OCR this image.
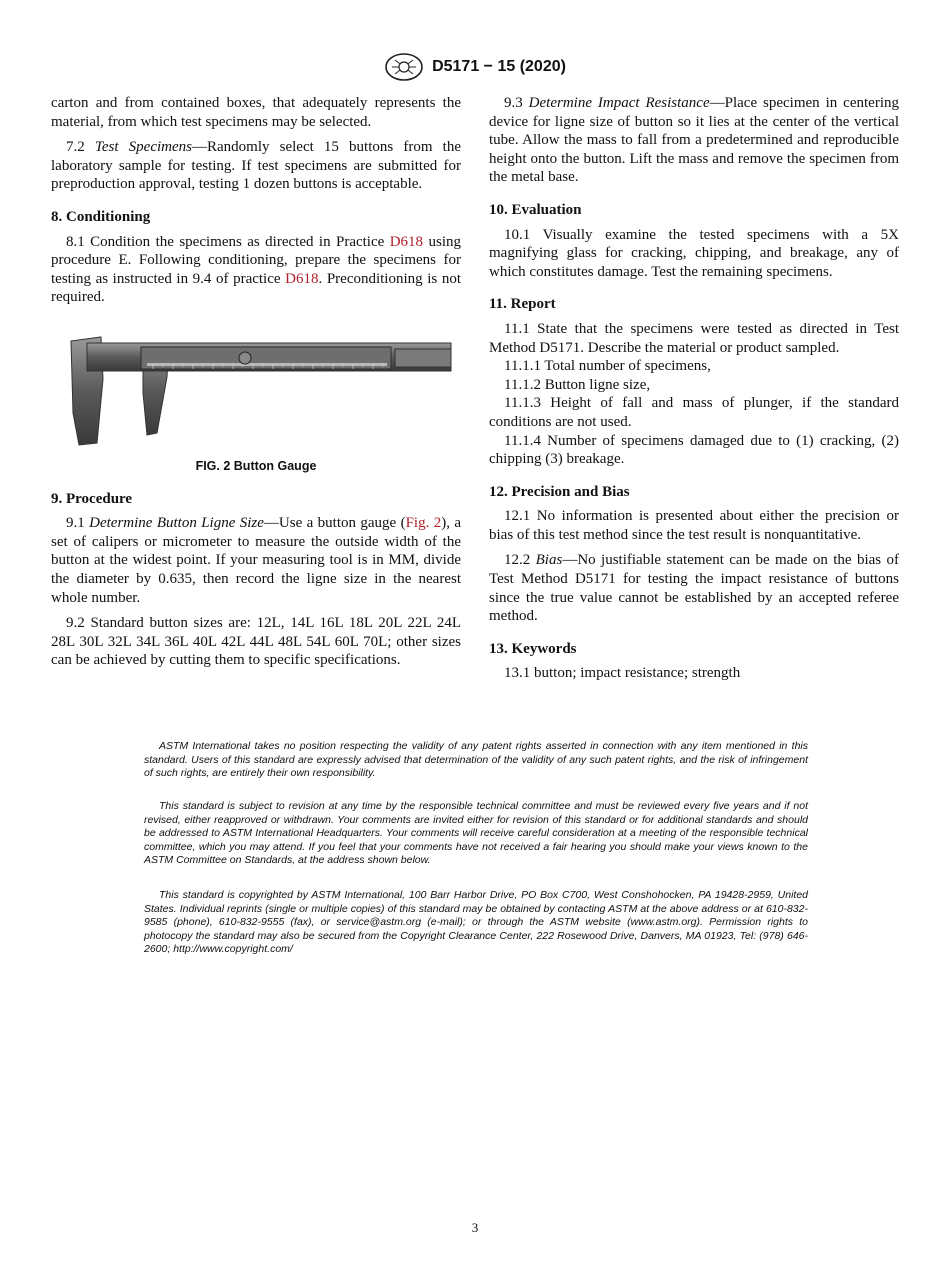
D5171 − 15 (2020)

carton and from contained boxes, that adequately represents the material, from which test specimens may be selected.

7.2 Test Specimens—Randomly select 15 buttons from the laboratory sample for testing. If test specimens are submitted for preproduction approval, testing 1 dozen buttons is acceptable.

8. Conditioning

8.1 Condition the specimens as directed in Practice D618 using procedure E. Following conditioning, prepare the specimens for testing as instructed in 9.4 of practice D618. Preconditioning is not required.

FIG. 2 Button Gauge

9. Procedure

9.1 Determine Button Ligne Size—Use a button gauge (Fig. 2), a set of calipers or micrometer to measure the outside width of the button at the widest point. If your measuring tool is in MM, divide the diameter by 0.635, then record the ligne size in the nearest whole number.

9.2 Standard button sizes are: 12L, 14L 16L 18L 20L 22L 24L 28L 30L 32L 34L 36L 40L 42L 44L 48L 54L 60L 70L; other sizes can be achieved by cutting them to specific specifications.

9.3 Determine Impact Resistance—Place specimen in centering device for ligne size of button so it lies at the center of the vertical tube. Allow the mass to fall from a predetermined and reproducible height onto the button. Lift the mass and remove the specimen from the metal base.

10. Evaluation

10.1 Visually examine the tested specimens with a 5X magnifying glass for cracking, chipping, and breakage, any of which constitutes damage. Test the remaining specimens.

11. Report

11.1 State that the specimens were tested as directed in Test Method D5171. Describe the material or product sampled.

11.1.1 Total number of specimens,

11.1.2 Button ligne size,

11.1.3 Height of fall and mass of plunger, if the standard conditions are not used.

11.1.4 Number of specimens damaged due to (1) cracking, (2) chipping (3) breakage.

12. Precision and Bias

12.1 No information is presented about either the precision or bias of this test method since the test result is nonquantitative.

12.2 Bias—No justifiable statement can be made on the bias of Test Method D5171 for testing the impact resistance of buttons since the true value cannot be established by an accepted referee method.

13. Keywords

13.1 button; impact resistance; strength

ASTM International takes no position respecting the validity of any patent rights asserted in connection with any item mentioned in this standard. Users of this standard are expressly advised that determination of the validity of any such patent rights, and the risk of infringement of such rights, are entirely their own responsibility.

This standard is subject to revision at any time by the responsible technical committee and must be reviewed every five years and if not revised, either reapproved or withdrawn. Your comments are invited either for revision of this standard or for additional standards and should be addressed to ASTM International Headquarters. Your comments will receive careful consideration at a meeting of the responsible technical committee, which you may attend. If you feel that your comments have not received a fair hearing you should make your views known to the ASTM Committee on Standards, at the address shown below.

This standard is copyrighted by ASTM International, 100 Barr Harbor Drive, PO Box C700, West Conshohocken, PA 19428-2959, United States. Individual reprints (single or multiple copies) of this standard may be obtained by contacting ASTM at the above address or at 610-832-9585 (phone), 610-832-9555 (fax), or service@astm.org (e-mail); or through the ASTM website (www.astm.org). Permission rights to photocopy the standard may also be secured from the Copyright Clearance Center, 222 Rosewood Drive, Danvers, MA 01923, Tel: (978) 646-2600; http://www.copyright.com/

3
